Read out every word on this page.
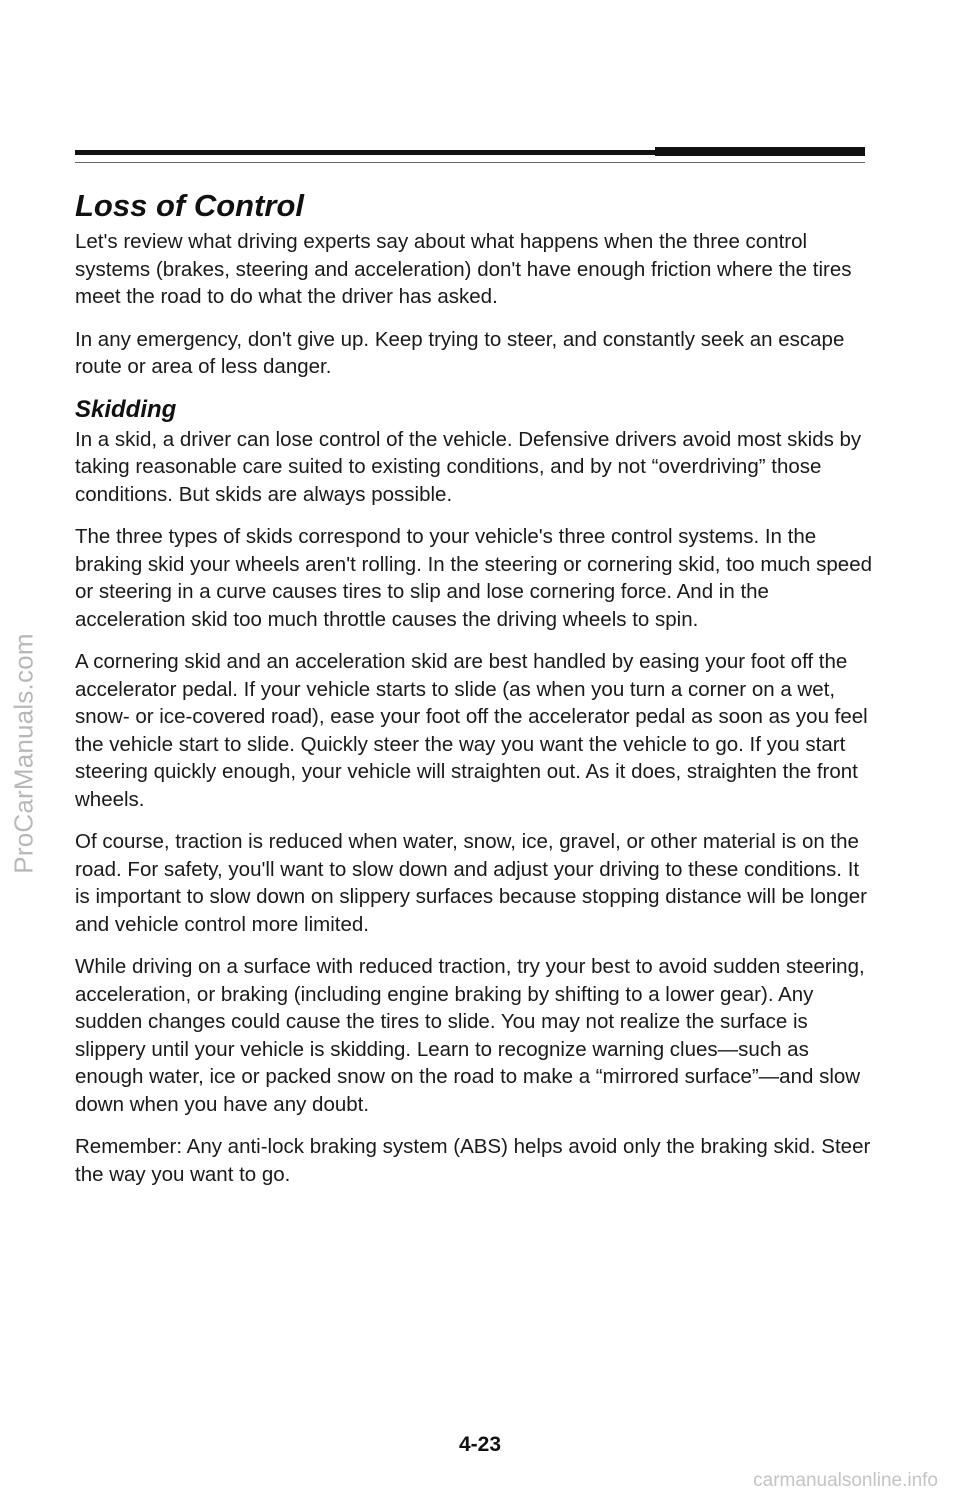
ProCarManuals.com
Loss of Control

Let's review what driving experts say about what happens when the three control systems (brakes, steering and acceleration) don't have enough friction where the tires meet the road to do what the driver has asked.

In any emergency, don't give up. Keep trying to steer, and constantly seek an escape route or area of less danger.

Skidding

In a skid, a driver can lose control of the vehicle. Defensive drivers avoid most skids by taking reasonable care suited to existing conditions, and by not “overdriving” those conditions. But skids are always possible.

The three types of skids correspond to your vehicle's three control systems. In the braking skid your wheels aren't rolling. In the steering or cornering skid, too much speed or steering in a curve causes tires to slip and lose cornering force. And in the acceleration skid too much throttle causes the driving wheels to spin.

A cornering skid and an acceleration skid are best handled by easing your foot off the accelerator pedal. If your vehicle starts to slide (as when you turn a corner on a wet, snow- or ice-covered road), ease your foot off the accelerator pedal as soon as you feel the vehicle start to slide. Quickly steer the way you want the vehicle to go. If you start steering quickly enough, your vehicle will straighten out. As it does, straighten the front wheels.

Of course, traction is reduced when water, snow, ice, gravel, or other material is on the road. For safety, you'll want to slow down and adjust your driving to these conditions. It is important to slow down on slippery surfaces because stopping distance will be longer and vehicle control more limited.

While driving on a surface with reduced traction, try your best to avoid sudden steering, acceleration, or braking (including engine braking by shifting to a lower gear). Any sudden changes could cause the tires to slide. You may not realize the surface is slippery until your vehicle is skidding. Learn to recognize warning clues—such as enough water, ice or packed snow on the road to make a “mirrored surface”—and slow down when you have any doubt.

Remember: Any anti-lock braking system (ABS) helps avoid only the braking skid. Steer the way you want to go.

4-23
carmanualsonline.info
